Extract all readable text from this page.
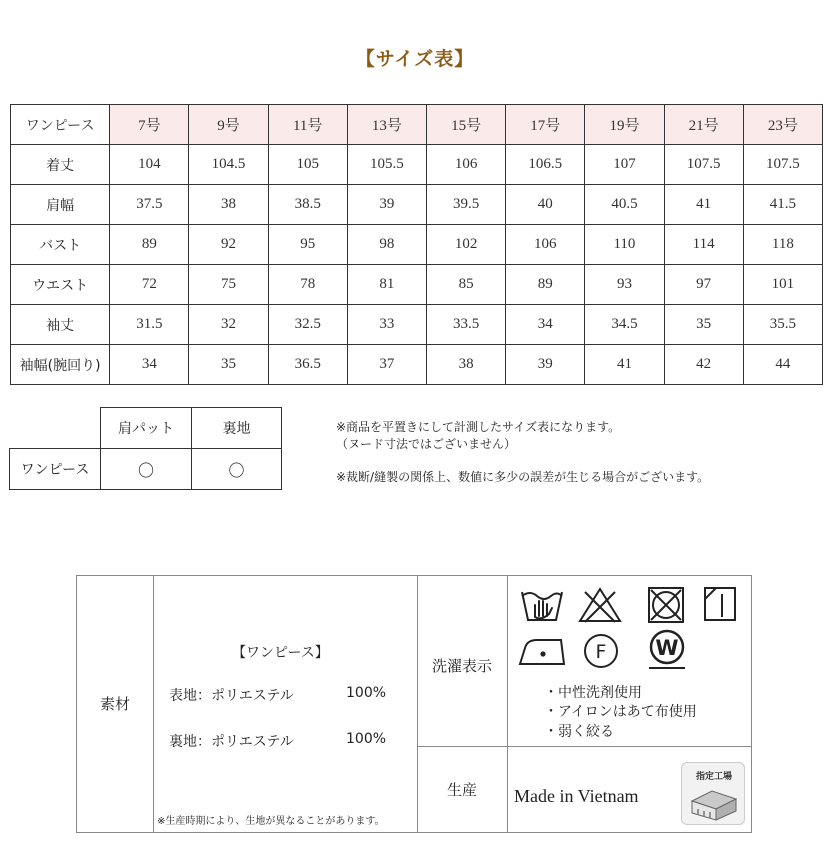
【サイズ表】
ワンピース	7号	9号	11号	13号	15号	17号	19号	21号	23号
着丈	104	104.5	105	105.5	106	106.5	107	107.5	107.5
肩幅	37.5	38	38.5	39	39.5	40	40.5	41	41.5
バスト	89	92	95	98	102	106	110	114	118
ウエスト	72	75	78	81	85	89	93	97	101
袖丈	31.5	32	32.5	33	33.5	34	34.5	35	35.5
袖幅(腕回り)	34	35	36.5	37	38	39	41	42	44
	肩パット	裏地
ワンピース	〇	〇
※商品を平置きにして計測したサイズ表になります。
（ヌード寸法ではございません）
※裁断/縫製の関係上、数値に多少の誤差が生じる場合がございます。
素材
【ワンピース】
表地：ポリエステル	100%
裏地：ポリエステル	100%
※生産時期により、生地が異なることがあります。
洗濯表示
F W
・中性洗剤使用
・アイロンはあて布使用
・弱く絞る
生産	Made in Vietnam
指定工場
